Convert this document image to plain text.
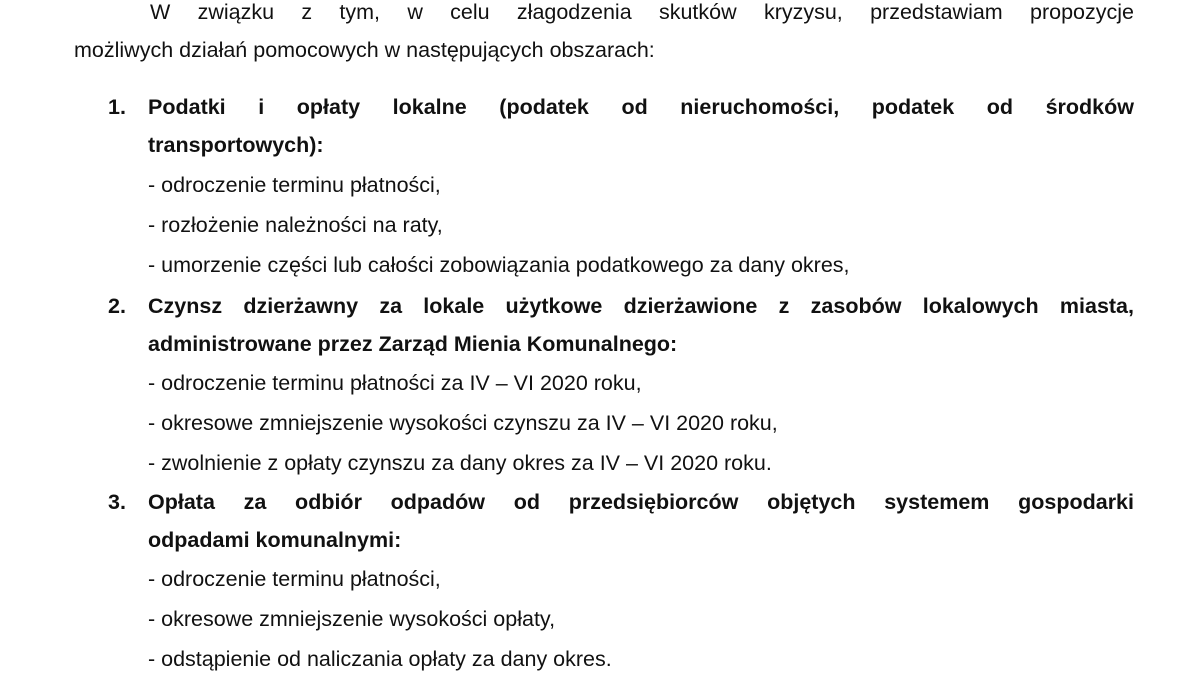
W związku z tym, w celu złagodzenia skutków kryzysu, przedstawiam propozycje
możliwych działań pomocowych w następujących obszarach:
1. Podatki i opłaty lokalne (podatek od nieruchomości, podatek od środków
transportowych):
- odroczenie terminu płatności,
- rozłożenie należności na raty,
- umorzenie części lub całości zobowiązania podatkowego za dany okres,
2. Czynsz dzierżawny za lokale użytkowe dzierżawione z zasobów lokalowych miasta,
administrowane przez Zarząd Mienia Komunalnego:
- odroczenie terminu płatności za IV – VI 2020 roku,
- okresowe zmniejszenie wysokości czynszu za IV – VI 2020 roku,
- zwolnienie z opłaty czynszu za dany okres za IV – VI 2020 roku.
3. Opłata za odbiór odpadów od przedsiębiorców objętych systemem gospodarki
odpadami komunalnymi:
- odroczenie terminu płatności,
- okresowe zmniejszenie wysokości opłaty,
- odstąpienie od naliczania opłaty za dany okres.
